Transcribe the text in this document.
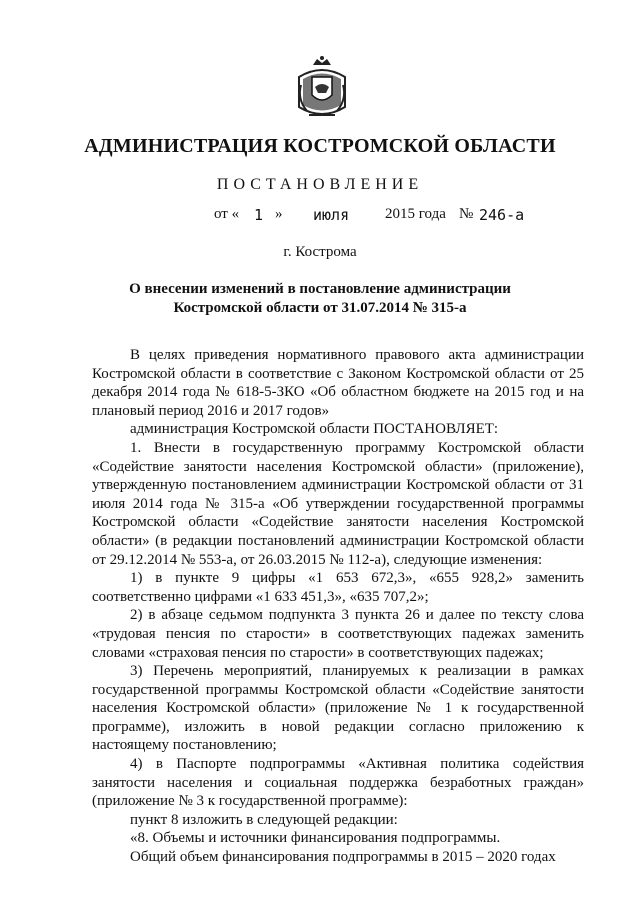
АДМИНИСТРАЦИЯ КОСТРОМСКОЙ ОБЛАСТИ
ПОСТАНОВЛЕНИЕ
от « 1 » июля 2015 года № 246-а
г. Кострома
О внесении изменений в постановление администрации
Костромской области от 31.07.2014 № 315-а

В целях приведения нормативного правового акта администрации Костромской области в соответствие с Законом Костромской области от 25 декабря 2014 года № 618-5-ЗКО «Об областном бюджете на 2015 год и на плановый период 2016 и 2017 годов»

администрация Костромской области ПОСТАНОВЛЯЕТ:

1. Внести в государственную программу Костромской области «Содействие занятости населения Костромской области» (приложение), утвержденную постановлением администрации Костромской области от 31 июля 2014 года № 315-а «Об утверждении государственной программы Костромской области «Содействие занятости населения Костромской области» (в редакции постановлений администрации Костромской области от 29.12.2014 № 553-а, от 26.03.2015 № 112-а), следующие изменения:

1) в пункте 9 цифры «1 653 672,3», «655 928,2» заменить соответственно цифрами «1 633 451,3», «635 707,2»;

2) в абзаце седьмом подпункта 3 пункта 26 и далее по тексту слова «трудовая пенсия по старости» в соответствующих падежах заменить словами «страховая пенсия по старости» в соответствующих падежах;

3) Перечень мероприятий, планируемых к реализации в рамках государственной программы Костромской области «Содействие занятости населения Костромской области» (приложение № 1 к государственной программе), изложить в новой редакции согласно приложению к настоящему постановлению;

4) в Паспорте подпрограммы «Активная политика содействия занятости населения и социальная поддержка безработных граждан» (приложение № 3 к государственной программе):

пункт 8 изложить в следующей редакции:

«8. Объемы и источники финансирования подпрограммы.

Общий объем финансирования подпрограммы в 2015 – 2020 годах
